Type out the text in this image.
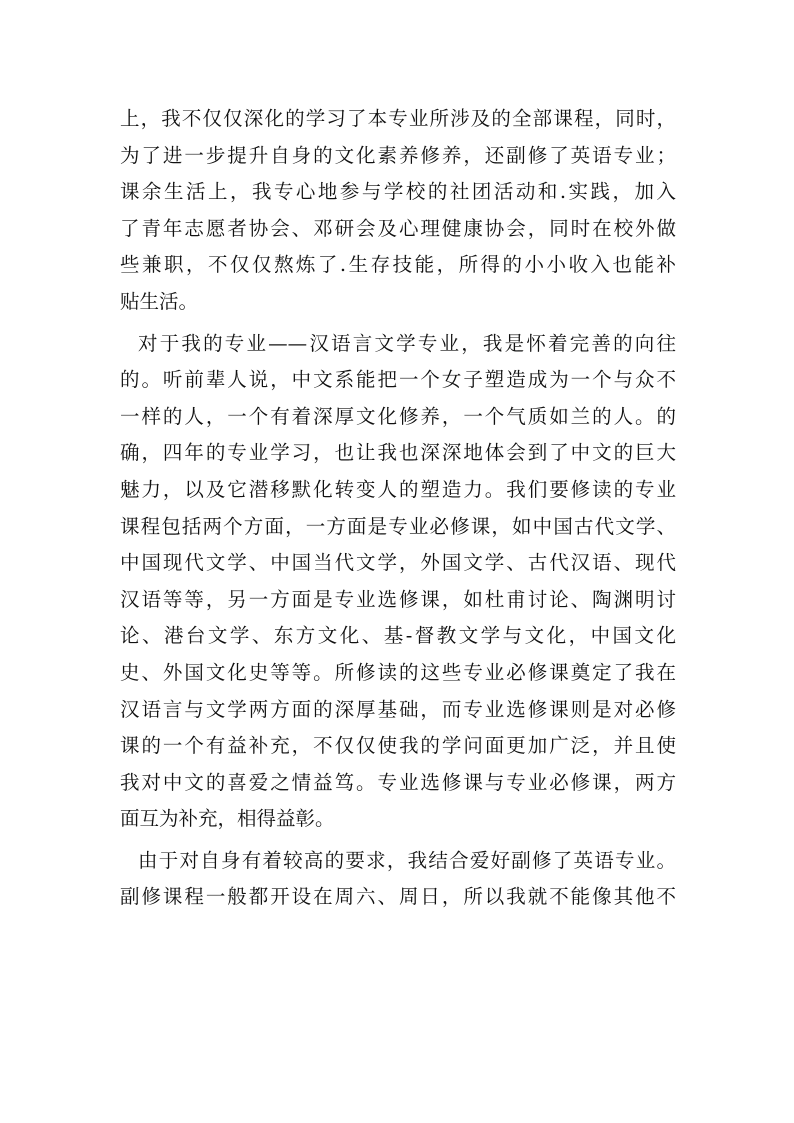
上，我不仅仅深化的学习了本专业所涉及的全部课程，同时，
为了进一步提升自身的文化素养修养，还副修了英语专业；
课余生活上，我专心地参与学校的社团活动和.实践，加入
了青年志愿者协会、邓研会及心理健康协会，同时在校外做
些兼职，不仅仅熬炼了.生存技能，所得的小小收入也能补
贴生活。
对于我的专业——汉语言文学专业，我是怀着完善的向往
的。听前辈人说，中文系能把一个女子塑造成为一个与众不
一样的人，一个有着深厚文化修养，一个气质如兰的人。的
确，四年的专业学习，也让我也深深地体会到了中文的巨大
魅力，以及它潜移默化转变人的塑造力。我们要修读的专业
课程包括两个方面，一方面是专业必修课，如中国古代文学、
中国现代文学、中国当代文学，外国文学、古代汉语、现代
汉语等等，另一方面是专业选修课，如杜甫讨论、陶渊明讨
论、港台文学、东方文化、基-督教文学与文化，中国文化
史、外国文化史等等。所修读的这些专业必修课奠定了我在
汉语言与文学两方面的深厚基础，而专业选修课则是对必修
课的一个有益补充，不仅仅使我的学问面更加广泛，并且使
我对中文的喜爱之情益笃。专业选修课与专业必修课，两方
面互为补充，相得益彰。
由于对自身有着较高的要求，我结合爱好副修了英语专业。
副修课程一般都开设在周六、周日，所以我就不能像其他不
